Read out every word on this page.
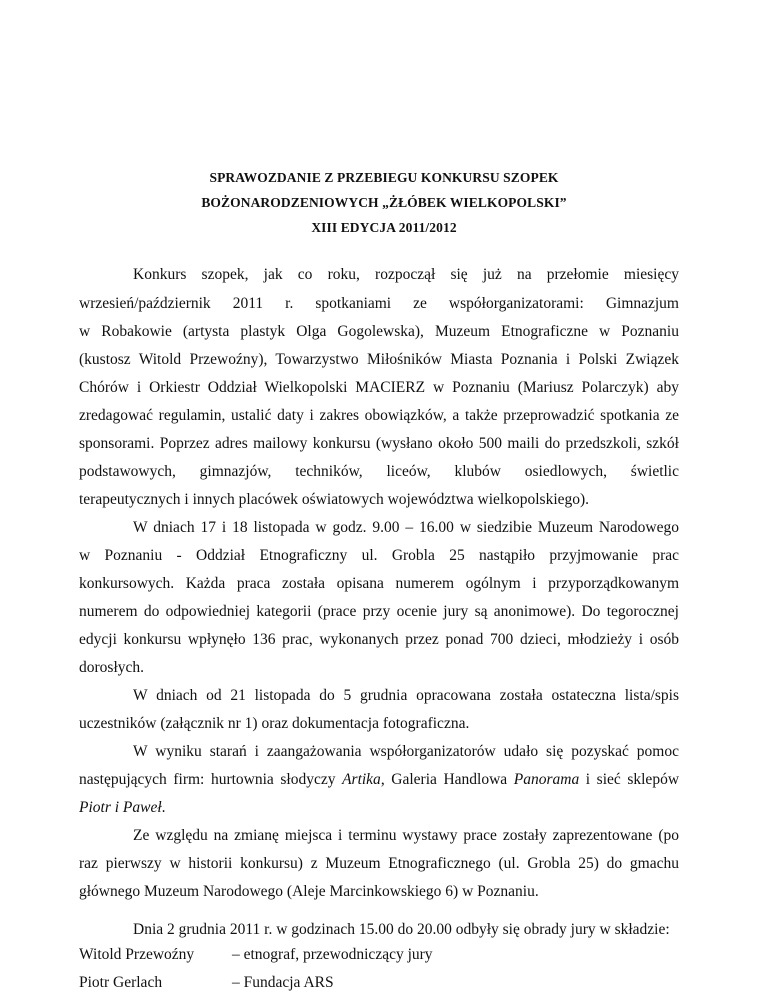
SPRAWOZDANIE Z PRZEBIEGU KONKURSU SZOPEK
BOŻONARODZENIOWYCH „ŻŁÓBEK WIELKOPOLSKI”
XIII EDYCJA 2011/2012
Konkurs szopek, jak co roku, rozpoczął się już na przełomie miesięcy
wrzesień/październik 2011 r. spotkaniami ze współorganizatorami: Gimnazjum
w Robakowie (artysta plastyk Olga Gogolewska), Muzeum Etnograficzne w Poznaniu
(kustosz Witold Przewoźny), Towarzystwo Miłośników Miasta Poznania i Polski Związek
Chórów i Orkiestr Oddział Wielkopolski MACIERZ w Poznaniu (Mariusz Polarczyk) aby
zredagować regulamin, ustalić daty i zakres obowiązków, a także przeprowadzić spotkania ze
sponsorami. Poprzez adres mailowy konkursu (wysłano około 500 maili do przedszkoli, szkół
podstawowych, gimnazjów, techników, liceów, klubów osiedlowych, świetlic
terapeutycznych i innych placówek oświatowych województwa wielkopolskiego).
W dniach 17 i 18 listopada w godz. 9.00 – 16.00 w siedzibie Muzeum Narodowego
w Poznaniu - Oddział Etnograficzny ul. Grobla 25 nastąpiło przyjmowanie prac
konkursowych. Każda praca została opisana numerem ogólnym i przyporządkowanym
numerem do odpowiedniej kategorii (prace przy ocenie jury są anonimowe). Do tegorocznej
edycji konkursu wpłynęło 136 prac, wykonanych przez ponad 700 dzieci, młodzieży i osób
dorosłych.
W dniach od 21 listopada do 5 grudnia opracowana została ostateczna lista/spis
uczestników (załącznik nr 1) oraz dokumentacja fotograficzna.
W wyniku starań i zaangażowania współorganizatorów udało się pozyskać pomoc
następujących firm: hurtownia słodyczy Artika, Galeria Handlowa Panorama i sieć sklepów
Piotr i Paweł.
Ze względu na zmianę miejsca i terminu wystawy prace zostały zaprezentowane (po
raz pierwszy w historii konkursu) z Muzeum Etnograficznego (ul. Grobla 25) do gmachu
głównego Muzeum Narodowego (Aleje Marcinkowskiego 6) w Poznaniu.
Dnia 2 grudnia 2011 r. w godzinach 15.00 do 20.00 odbyły się obrady jury w składzie:
Witold Przewoźny – etnograf, przewodniczący jury
Piotr Gerlach	– Fundacja ARS
